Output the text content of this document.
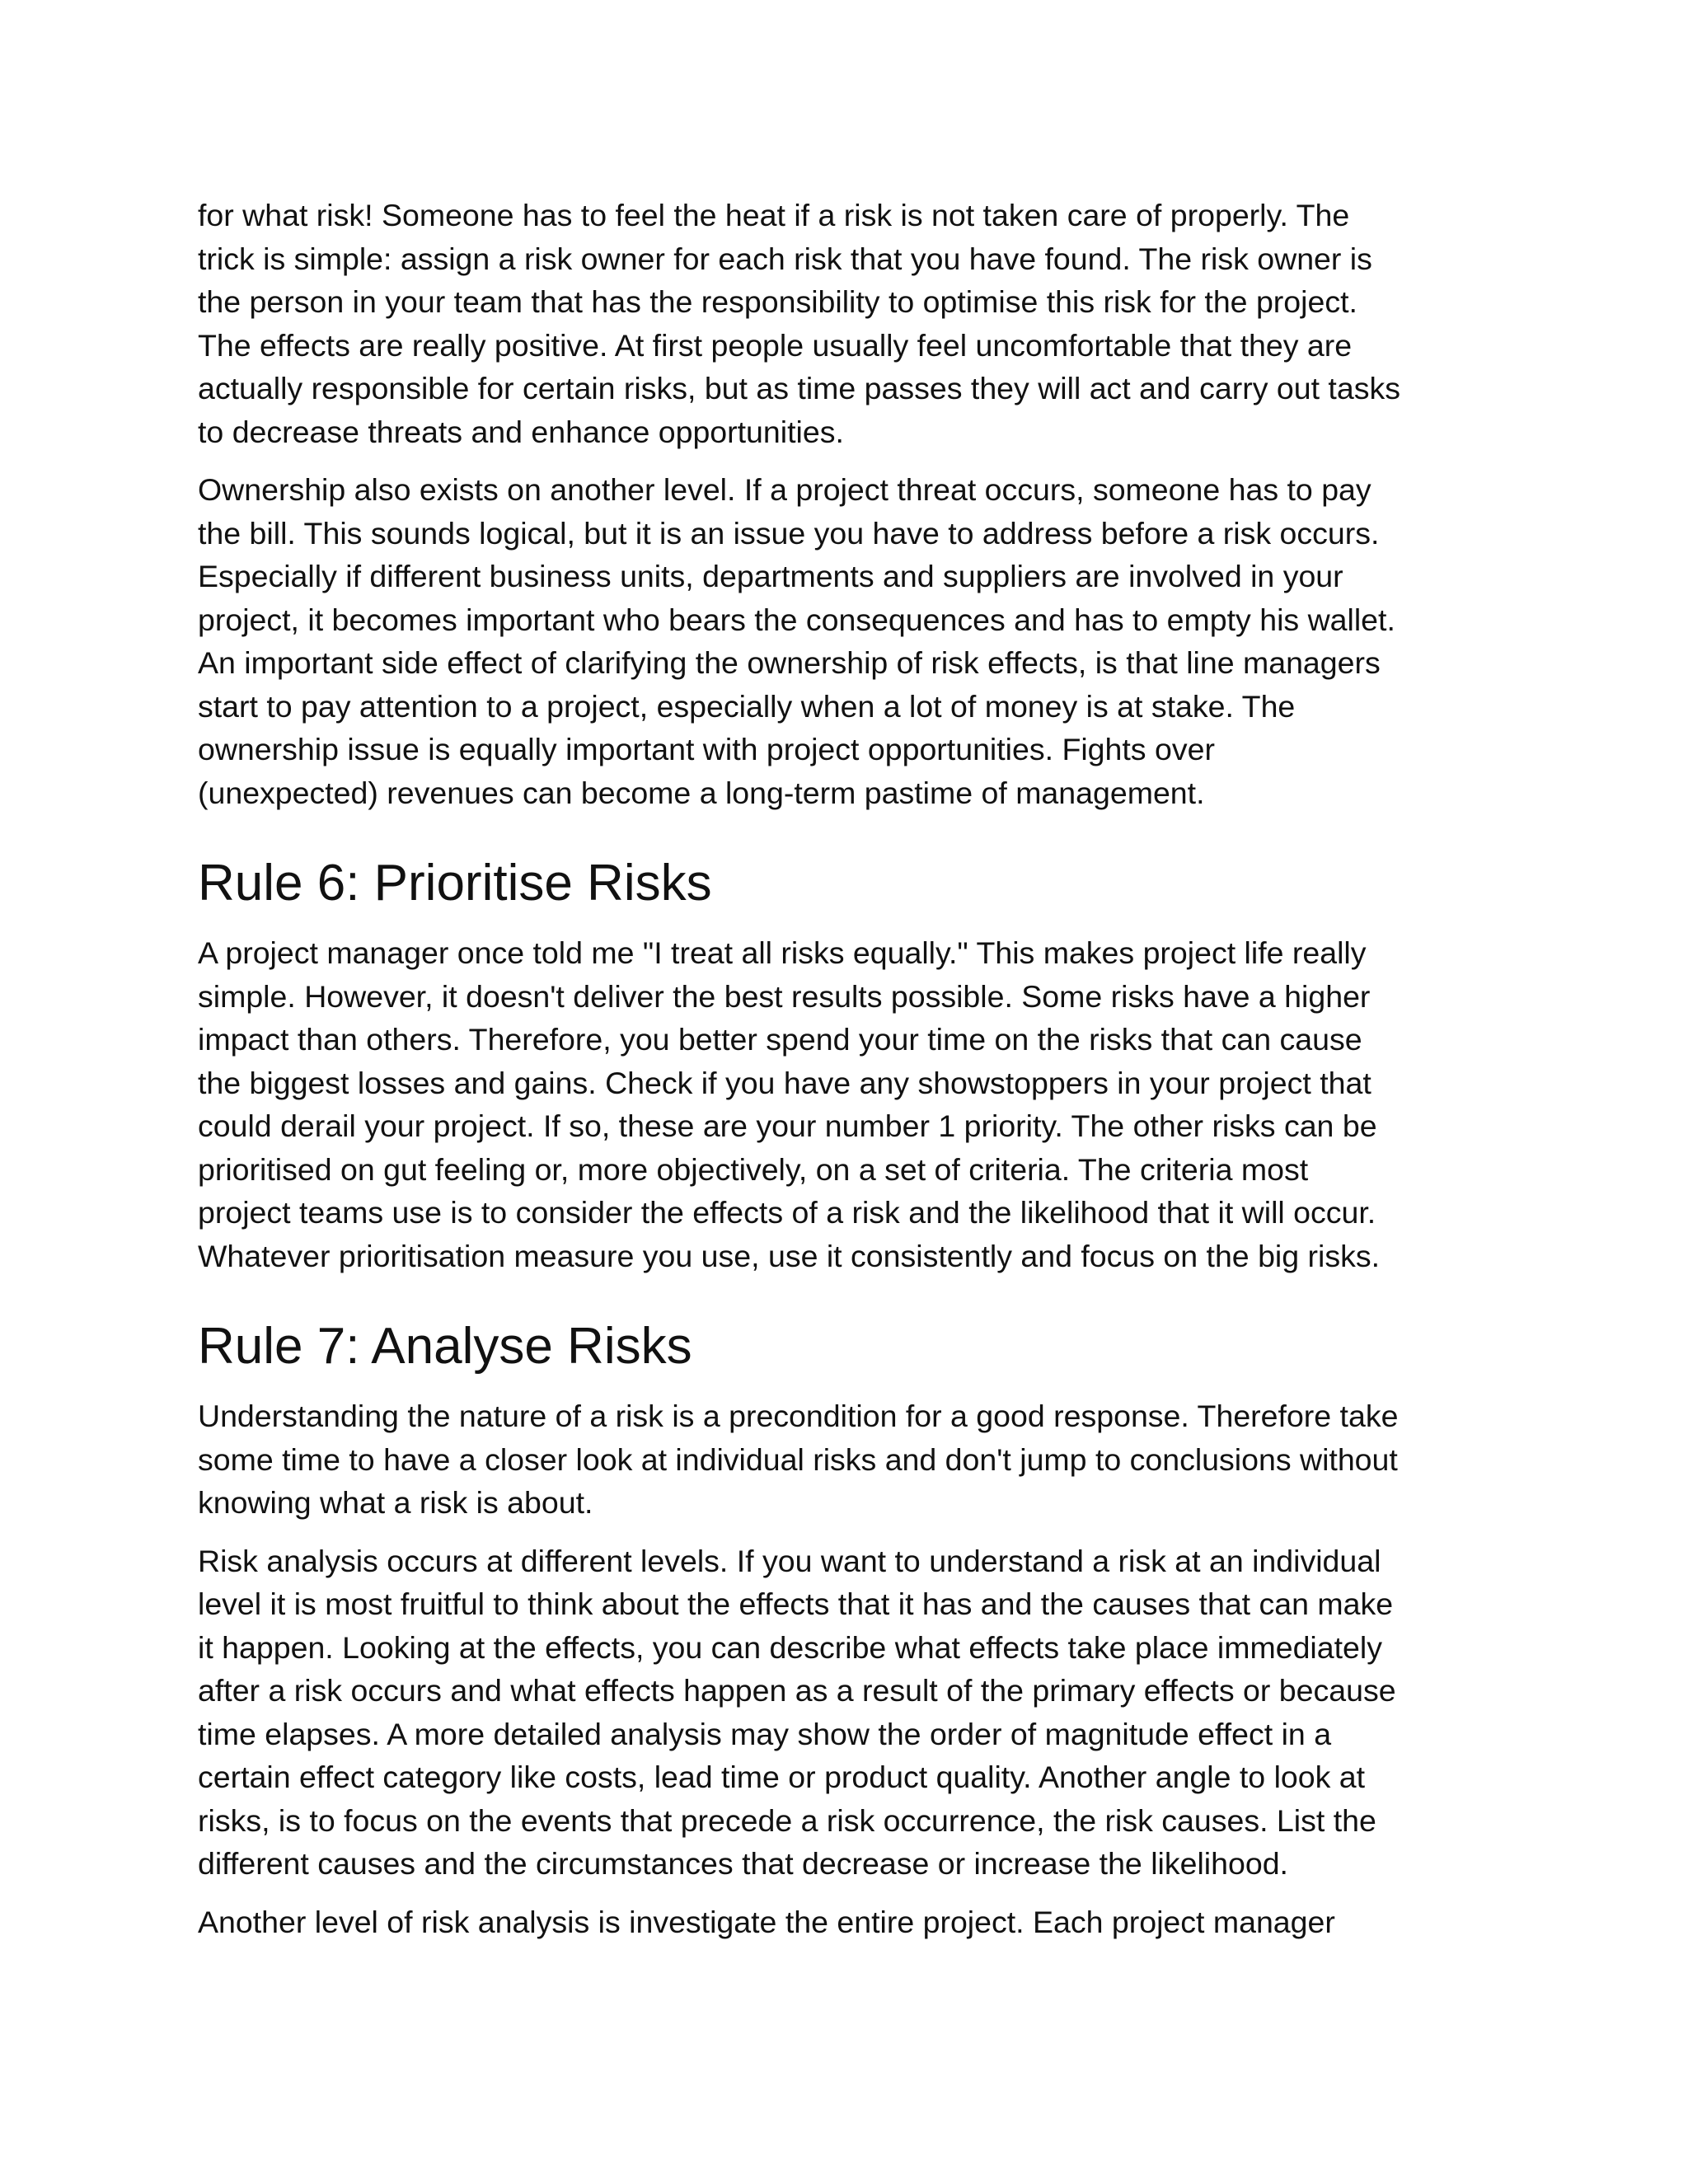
for what risk! Someone has to feel the heat if a risk is not taken care of properly. The
trick is simple: assign a risk owner for each risk that you have found. The risk owner is
the person in your team that has the responsibility to optimise this risk for the project.
The effects are really positive. At first people usually feel uncomfortable that they are
actually responsible for certain risks, but as time passes they will act and carry out tasks
to decrease threats and enhance opportunities.
Ownership also exists on another level. If a project threat occurs, someone has to pay
the bill. This sounds logical, but it is an issue you have to address before a risk occurs.
Especially if different business units, departments and suppliers are involved in your
project, it becomes important who bears the consequences and has to empty his wallet.
An important side effect of clarifying the ownership of risk effects, is that line managers
start to pay attention to a project, especially when a lot of money is at stake. The
ownership issue is equally important with project opportunities. Fights over
(unexpected) revenues can become a long-term pastime of management.
Rule 6: Prioritise Risks
A project manager once told me "I treat all risks equally." This makes project life really
simple. However, it doesn't deliver the best results possible. Some risks have a higher
impact than others. Therefore, you better spend your time on the risks that can cause
the biggest losses and gains. Check if you have any showstoppers in your project that
could derail your project. If so, these are your number 1 priority. The other risks can be
prioritised on gut feeling or, more objectively, on a set of criteria. The criteria most
project teams use is to consider the effects of a risk and the likelihood that it will occur.
Whatever prioritisation measure you use, use it consistently and focus on the big risks.
Rule 7: Analyse Risks
Understanding the nature of a risk is a precondition for a good response. Therefore take
some time to have a closer look at individual risks and don't jump to conclusions without
knowing what a risk is about.
Risk analysis occurs at different levels. If you want to understand a risk at an individual
level it is most fruitful to think about the effects that it has and the causes that can make
it happen. Looking at the effects, you can describe what effects take place immediately
after a risk occurs and what effects happen as a result of the primary effects or because
time elapses. A more detailed analysis may show the order of magnitude effect in a
certain effect category like costs, lead time or product quality. Another angle to look at
risks, is to focus on the events that precede a risk occurrence, the risk causes. List the
different causes and the circumstances that decrease or increase the likelihood.
Another level of risk analysis is investigate the entire project. Each project manager
